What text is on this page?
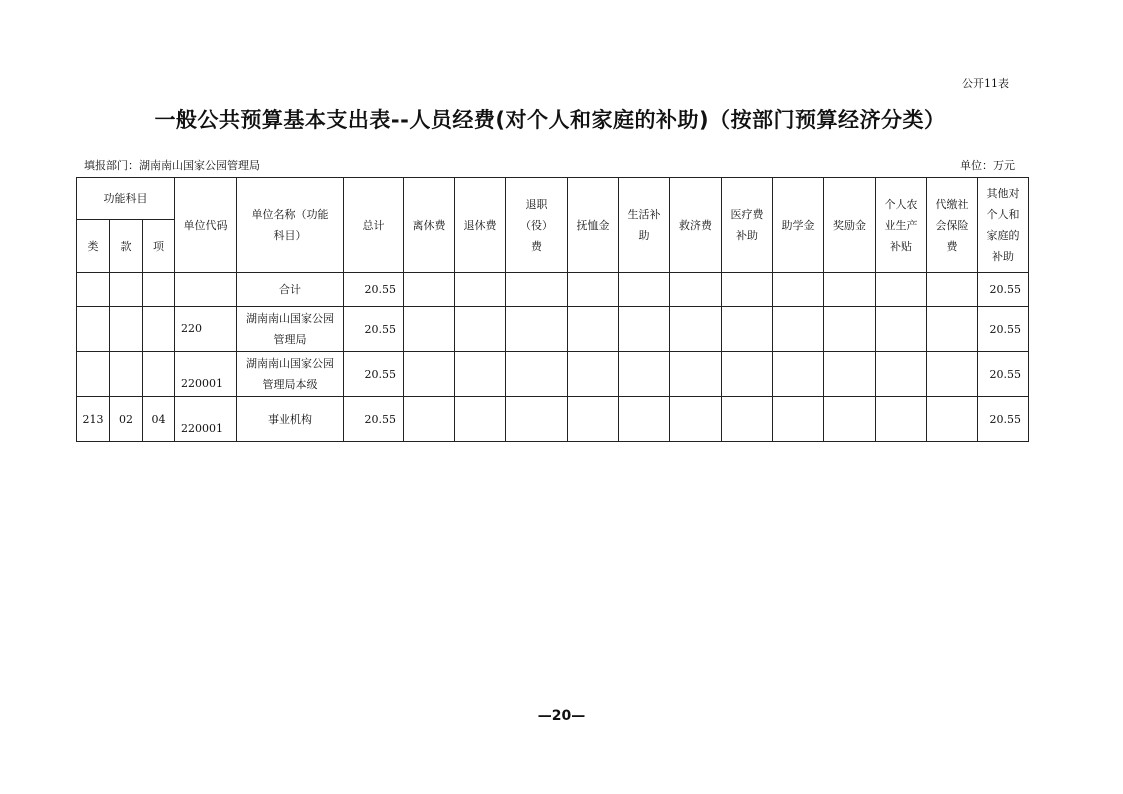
公开11表
一般公共预算基本支出表--人员经费(对个人和家庭的补助)（按部门预算经济分类）
填报部门：湖南南山国家公园管理局	单位：万元
功能科目			单位代码	单位名称（功能科目）	总计	离休费	退休费	退职（役）费	抚恤金	生活补助	救济费	医疗费补助	助学金	奖励金	个人农业生产补贴	代缴社会保险费	其他对个人和家庭的补助
类	款	项															
				合计	20.55												20.55
			220	湖南南山国家公园管理局	20.55												20.55
			220001	湖南南山国家公园管理局本级	20.55												20.55
213	02	04	220001	事业机构	20.55												20.55
—20—
